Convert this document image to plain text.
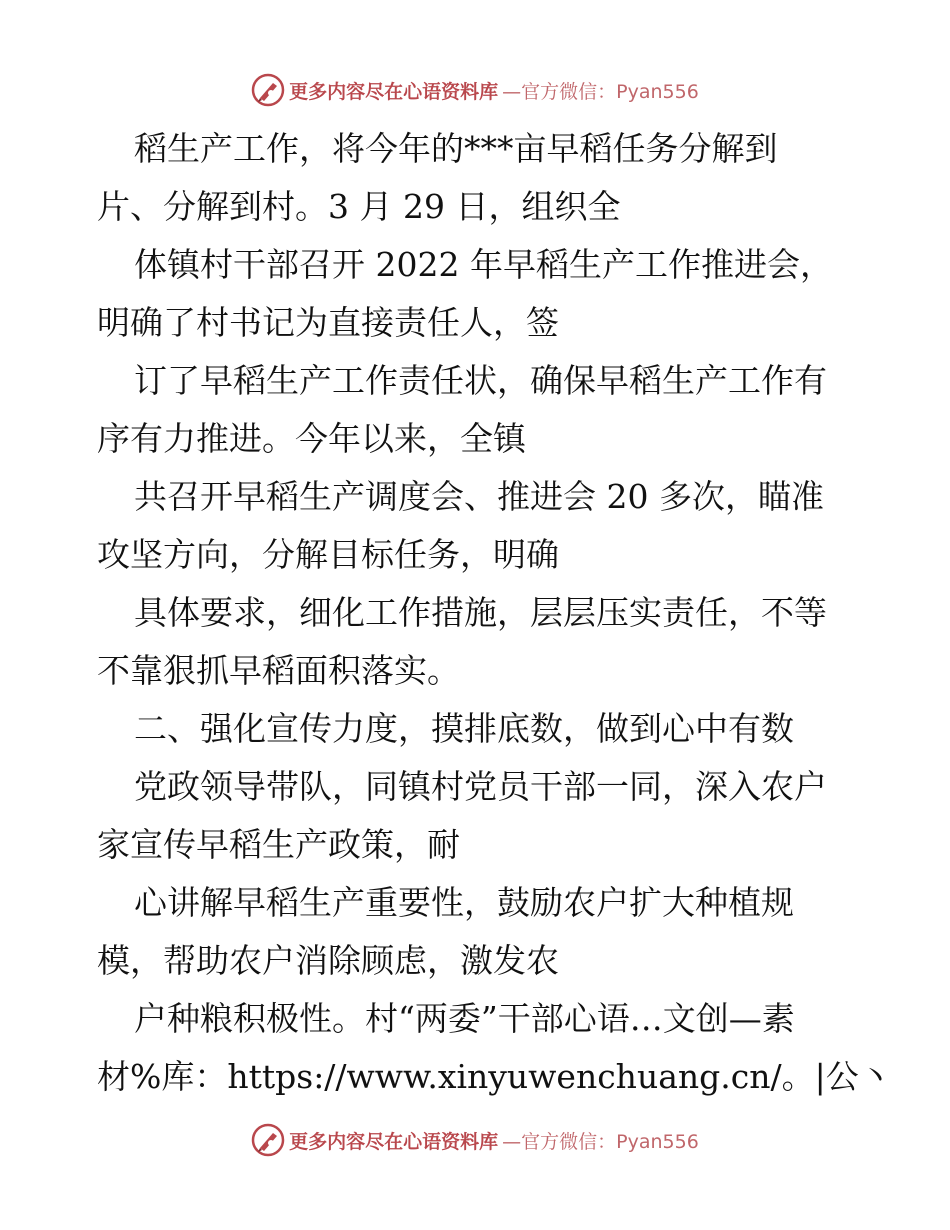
更多内容尽在心语资料库 —官方微信：Pyan556
稻生产工作，将今年的***亩早稻任务分解到
片、分解到村。3 月 29 日，组织全
体镇村干部召开 2022 年早稻生产工作推进会，
明确了村书记为直接责任人，签
订了早稻生产工作责任状，确保早稻生产工作有
序有力推进。今年以来，全镇
共召开早稻生产调度会、推进会 20 多次，瞄准
攻坚方向，分解目标任务，明确
具体要求，细化工作措施，层层压实责任，不等
不靠狠抓早稻面积落实。
二、强化宣传力度，摸排底数，做到心中有数
党政领导带队，同镇村党员干部一同，深入农户
家宣传早稻生产政策，耐
心讲解早稻生产重要性，鼓励农户扩大种植规
模，帮助农户消除顾虑，激发农
户种粮积极性。村“两委”干部心语…文创—素
材%库：https://www.xinyuwenchuang.cn/。|公丶
更多内容尽在心语资料库 —官方微信：Pyan556
